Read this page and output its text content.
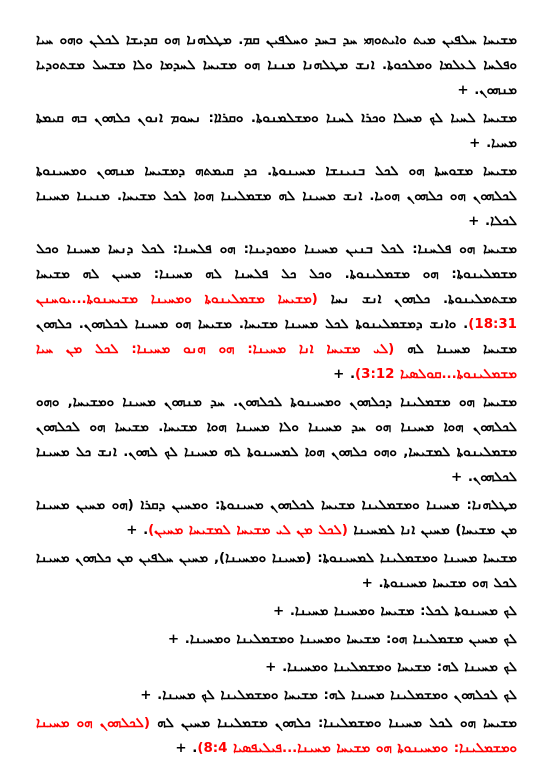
ܡܫܝܚܐ ܚܠܦܝܢ ܡܝܬ ܘܐܝܬܘܗܝ ܚܕ ܒܚܕ ܘܚܠܦܝܢ ܩܡ. ܡܛܠܗܢܐ ܗܘ ܩܕܝܫܐ ܠܟܠܢ ܘܗܘ ܚܝܐ ܘܦܠܚܐ ܠܥܠܡܐ ܘܡܠܟܘܬܐ. ܐܢܫ ܡܛܠܗܢܐ ܡܢܢܐ ܗܘ ܡܫܝܚܐ ܠܚܕܡܐ ܘܠܐ ܡܫܚܠ ܡܫܬܘܕܝܐ ܡܢܗܘܢ. +
ܡܫܝܚܐ ܠܚܝܐ ܠܟ ܡܚܠܐ ܘܟܪܐ ܠܚܢܐ ܘܡܫܠܡܢܘܬܐ. ܘܩܪܐܐ: ܢܚܘܡ ܐܢܘܢ ܟܠܗܘܢ ܒܗ ܩܝܡܬܐ ܡܚܝܐ. +
ܡܫܝܚܐ ܡܫܘܚܬܐ ܗܘ ܠܟܠ ܒܢܝܢܫܐ ܡܚܝܢܘܬܐ. ܟܕ ܩܝܡܬܗ ܕܡܫܝܚܐ ܡܢܗܘܢ ܘܡܚܝܢܘܬܐ ܠܟܠܗܘܢ ܗܘ ܟܠܗܘܢ ܗܘܝܐ. ܐܢܫ ܡܚܝܢܐ ܠܗ ܡܫܡܠܝܢܐ ܗܘܐ ܠܟܠ ܡܫܝܚܐ. ܡܢܝܢܐ ܡܚܝܢܐ ܠܟܠܐ. +
ܡܫܝܚܐ ܗܘ ܦܠܚܢܐ: ܠܟܠ ܒܢܝܢ ܡܚܝܢܐ ܘܡܘܕܝܢܐ: ܗܘ ܦܠܚܢܐ: ܠܟܠ ܕܢܚܐ ܡܚܝܢܐ ܘܟܠ ܡܫܡܠܝܢܘܬܐ: ܗܘ ܡܫܡܠܝܢܘܬܐ. ܘܟܠ ܟܠ ܦܠܚܢܐ ܠܗ ܡܚܝܢܐ: ܡܚܝܢ ܠܗ ܡܫܝܚܐ ܡܫܬܡܠܝܢܘܬܐ. ܟܠܗܘܢ ܐܢܫ ܢܚܐ (ܡܫܝܚܐ ܡܫܡܠܝܢܘܬܐ ܘܡܚܝܢܐ ܡܫܝܚܢܘܬܐ...ܝܘܚܢܢ 18:31). ܘܐܢܫ ܕܡܫܡܠܝܢܘܬܐ ܠܟܠ ܡܚܝܢܐ ܡܫܝܚܐ. ܡܫܝܚܐ ܗܘ ܡܚܝܢܐ ܠܟܠܗܘܢ. ܟܠܗܘܢ ܡܫܝܚܐ ܡܚܝܢܐ ܠܗ (ܠܝ ܡܫܝܚܐ ܐܢܐ ܡܚܝܢܐ: ܗܘ ܗܢܘ ܡܚܝܢܐ: ܠܟܠ ܡܢ ܚܝܐ ܡܫܡܠܝܢܘܬܐ...ܩܘܠܣܝܐ 3:12). +
ܡܫܝܚܐ ܗܘ ܡܫܡܠܝܢܐ ܕܟܠܗܘܢ ܘܡܚܝܢܘܬܐ ܠܟܠܗܘܢ. ܚܕ ܡܢܗܘܢ ܡܚܝܢܐ ܘܡܫܝܚܐ, ܘܗܘ ܠܟܠܗܘܢ ܗܘܐ ܡܚܝܢܐ ܗܘ ܚܕ ܡܚܝܢܐ ܘܠܐ ܡܚܝܢܐ ܗܘܐ ܡܫܝܚܐ. ܡܫܝܚܐ ܗܘ ܠܟܠܗܘܢ ܡܫܡܠܝܢܘܬܐ ܠܡܫܝܚܐ, ܘܗܘ ܟܠܗܘܢ ܗܘܐ ܠܡܚܝܢܘܬܐ ܠܗ ܡܚܝܢܐ ܠܟ ܠܗܘܢ. ܐܢܫ ܟܠ ܡܚܝܢܐ ܠܟܠܗܘܢ. +
ܡܛܠܗܢܐ: ܡܚܝܢܐ ܘܡܫܡܠܝܢܐ ܡܫܝܚܐ ܠܟܠܗܘܢ ܡܚܝܢܘܬܐ: ܘܡܚܝܢ ܕܩܪܐ (ܗܘ ܡܚܝܢ ܡܚܝܢܐ ܡܢ ܡܫܝܚܐ) ܡܚܝܢ ܐܢܐ ܠܡܚܝܢܐ (ܠܟܠ ܡܢ ܠܝ ܡܫܝܚܐ ܠܡܫܝܚܐ ܡܚܝܢ). +
ܡܫܝܚܐ ܡܚܝܢܐ ܘܡܫܡܠܝܢܐ ܠܡܚܝܢܘܬܐ: (ܡܚܝܢܐ ܘܡܚܝܢܐ), ܡܚܝܢ ܚܠܦܝܢ ܡܢ ܟܠܗܘܢ ܡܚܝܢܐ ܠܟܠ ܗܘ ܡܫܝܚܐ ܡܚܝܢܘܬܐ. +
ܠܟ ܡܚܝܢܘܬܐ ܠܟܠ: ܡܫܝܚܐ ܘܡܚܝܢܐ ܡܚܝܢܐ. +
ܠܟ ܡܚܝܢ ܡܫܡܠܝܢܐ ܗܘ: ܡܫܝܚܐ ܘܡܚܝܢܐ ܘܡܫܡܠܝܢܐ ܘܡܚܝܢܐ. +
ܠܟ ܡܚܝܢܐ ܠܗ: ܡܫܝܚܐ ܘܡܫܡܠܝܢܐ ܘܡܚܝܢܐ. +
ܠܟ ܠܟܠܗܘܢ ܘܡܫܡܠܝܢܐ ܡܚܝܢܐ ܠܗ: ܡܫܝܚܐ ܘܡܫܡܠܝܢܐ ܠܟ ܡܚܝܢܐ. +
ܡܫܝܚܐ ܗܘ ܠܟܠ ܡܚܝܢܐ ܘܡܫܡܠܝܢܐ: ܟܠܗܘܢ ܡܫܡܠܝܢܐ ܡܚܝܢ ܠܗ (ܠܟܠܗܘܢ ܗܘ ܡܚܝܢܐ ܘܡܫܡܠܝܢܐ: ܘܡܚܝܢܘܬܐ ܗܘ ܡܫܝܚܐ ܡܚܝܢܐ...ܦܝܠܝܦܣܝܐ 8:4). +
